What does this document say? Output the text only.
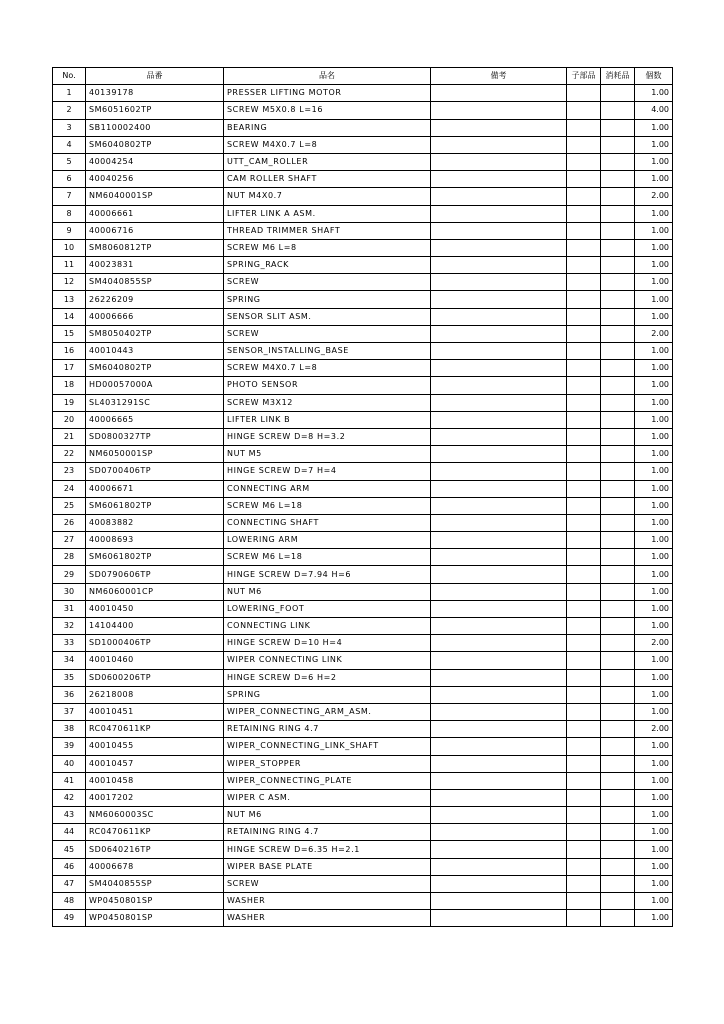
No.	品番	品名	備考	子部品	消耗品	個数
1	40139178	PRESSER LIFTING MOTOR				1.00
2	SM6051602TP	SCREW M5X0.8 L=16				4.00
3	SB110002400	BEARING				1.00
4	SM6040802TP	SCREW M4X0.7 L=8				1.00
5	40004254	UTT_CAM_ROLLER				1.00
6	40040256	CAM ROLLER SHAFT				1.00
7	NM6040001SP	NUT M4X0.7				2.00
8	40006661	LIFTER LINK A ASM.				1.00
9	40006716	THREAD TRIMMER SHAFT				1.00
10	SM8060812TP	SCREW M6 L=8				1.00
11	40023831	SPRING_RACK				1.00
12	SM4040855SP	SCREW				1.00
13	26226209	SPRING				1.00
14	40006666	SENSOR SLIT ASM.				1.00
15	SM8050402TP	SCREW				2.00
16	40010443	SENSOR_INSTALLING_BASE				1.00
17	SM6040802TP	SCREW M4X0.7 L=8				1.00
18	HD00057000A	PHOTO SENSOR				1.00
19	SL4031291SC	SCREW M3X12				1.00
20	40006665	LIFTER LINK B				1.00
21	SD0800327TP	HINGE SCREW D=8 H=3.2				1.00
22	NM6050001SP	NUT M5				1.00
23	SD0700406TP	HINGE SCREW D=7 H=4				1.00
24	40006671	CONNECTING ARM				1.00
25	SM6061802TP	SCREW M6 L=18				1.00
26	40083882	CONNECTING SHAFT				1.00
27	40008693	LOWERING ARM				1.00
28	SM6061802TP	SCREW M6 L=18				1.00
29	SD0790606TP	HINGE SCREW D=7.94 H=6				1.00
30	NM6060001CP	NUT M6				1.00
31	40010450	LOWERING_FOOT				1.00
32	14104400	CONNECTING LINK				1.00
33	SD1000406TP	HINGE SCREW D=10 H=4				2.00
34	40010460	WIPER CONNECTING LINK				1.00
35	SD0600206TP	HINGE SCREW D=6 H=2				1.00
36	26218008	SPRING				1.00
37	40010451	WIPER_CONNECTING_ARM_ASM.				1.00
38	RC0470611KP	RETAINING RING 4.7				2.00
39	40010455	WIPER_CONNECTING_LINK_SHAFT				1.00
40	40010457	WIPER_STOPPER				1.00
41	40010458	WIPER_CONNECTING_PLATE				1.00
42	40017202	WIPER C ASM.				1.00
43	NM6060003SC	NUT M6				1.00
44	RC0470611KP	RETAINING RING 4.7				1.00
45	SD0640216TP	HINGE SCREW D=6.35 H=2.1				1.00
46	40006678	WIPER BASE PLATE				1.00
47	SM4040855SP	SCREW				1.00
48	WP0450801SP	WASHER				1.00
49	WP0450801SP	WASHER				1.00
